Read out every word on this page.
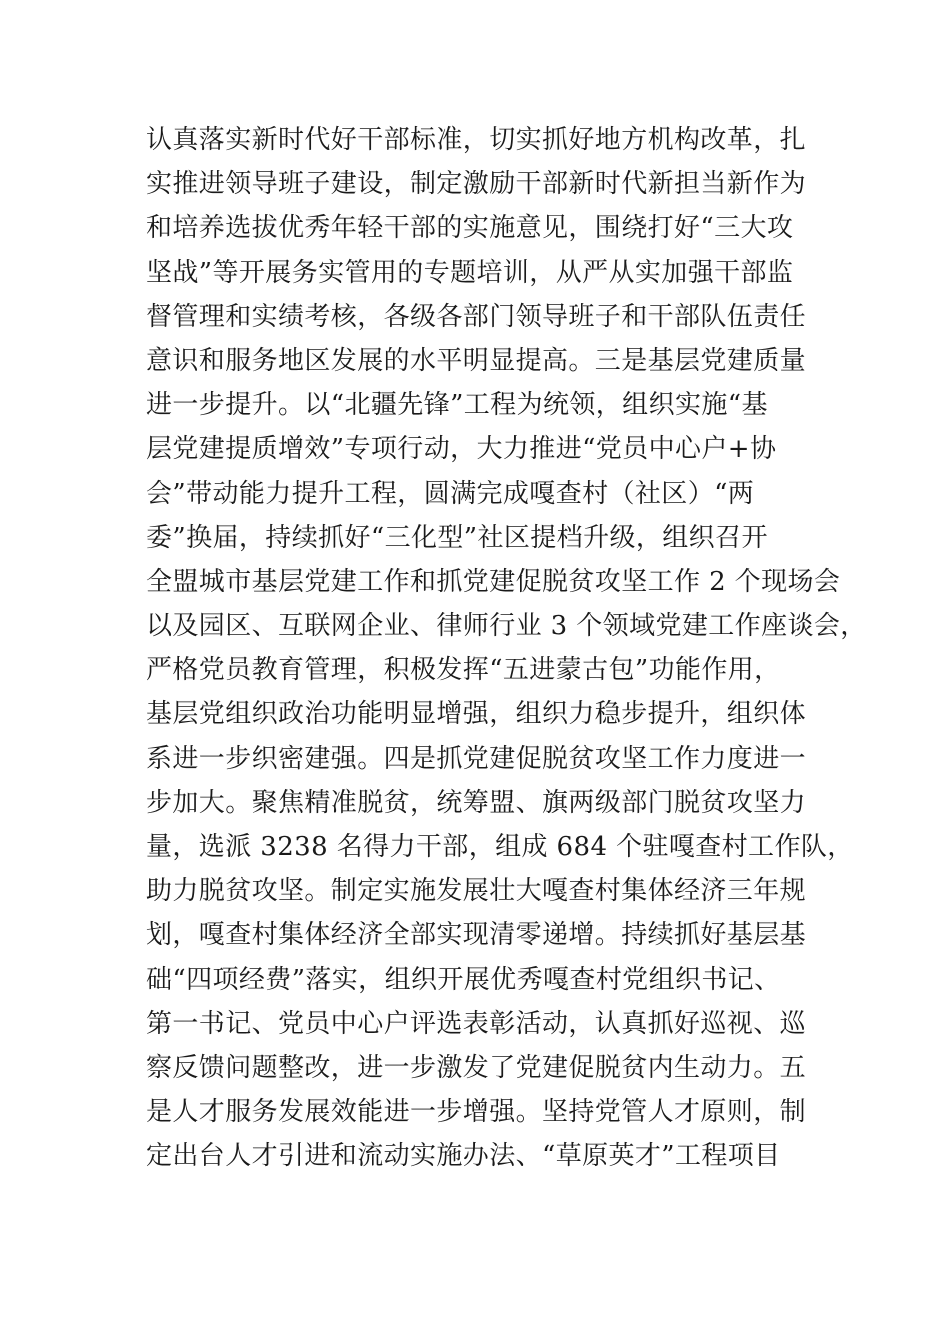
认真落实新时代好干部标准，切实抓好地方机构改革，扎
实推进领导班子建设，制定激励干部新时代新担当新作为
和培养选拔优秀年轻干部的实施意见，围绕打好“三大攻
坚战”等开展务实管用的专题培训，从严从实加强干部监
督管理和实绩考核，各级各部门领导班子和干部队伍责任
意识和服务地区发展的水平明显提高。三是基层党建质量
进一步提升。以“北疆先锋”工程为统领，组织实施“基
层党建提质增效”专项行动，大力推进“党员中心户+协
会”带动能力提升工程，圆满完成嘎查村（社区）“两
委”换届，持续抓好“三化型”社区提档升级，组织召开
全盟城市基层党建工作和抓党建促脱贫攻坚工作 2 个现场会
以及园区、互联网企业、律师行业 3 个领域党建工作座谈会，
严格党员教育管理，积极发挥“五进蒙古包”功能作用，
基层党组织政治功能明显增强，组织力稳步提升，组织体
系进一步织密建强。四是抓党建促脱贫攻坚工作力度进一
步加大。聚焦精准脱贫，统筹盟、旗两级部门脱贫攻坚力
量，选派 3238 名得力干部，组成 684 个驻嘎查村工作队，
助力脱贫攻坚。制定实施发展壮大嘎查村集体经济三年规
划，嘎查村集体经济全部实现清零递增。持续抓好基层基
础“四项经费”落实，组织开展优秀嘎查村党组织书记、
第一书记、党员中心户评选表彰活动，认真抓好巡视、巡
察反馈问题整改，进一步激发了党建促脱贫内生动力。五
是人才服务发展效能进一步增强。坚持党管人才原则，制
定出台人才引进和流动实施办法、“草原英才”工程项目
